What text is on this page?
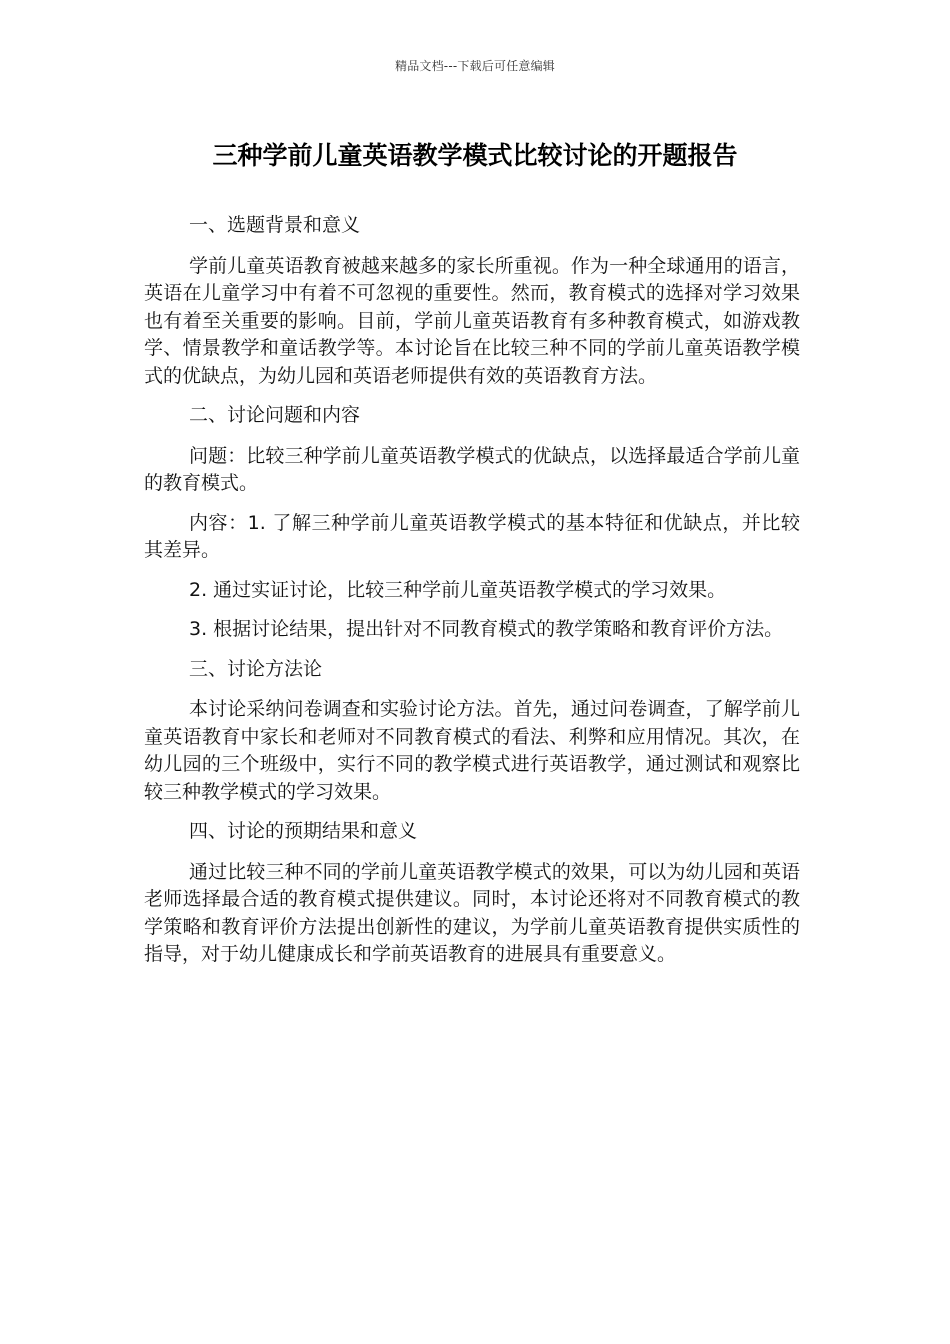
精品文档---下载后可任意编辑
三种学前儿童英语教学模式比较讨论的开题报告

一、选题背景和意义

学前儿童英语教育被越来越多的家长所重视。作为一种全球通用的语言，英语在儿童学习中有着不可忽视的重要性。然而，教育模式的选择对学习效果也有着至关重要的影响。目前，学前儿童英语教育有多种教育模式，如游戏教学、情景教学和童话教学等。本讨论旨在比较三种不同的学前儿童英语教学模式的优缺点，为幼儿园和英语老师提供有效的英语教育方法。

二、讨论问题和内容

问题：比较三种学前儿童英语教学模式的优缺点，以选择最适合学前儿童的教育模式。

内容：1. 了解三种学前儿童英语教学模式的基本特征和优缺点，并比较其差异。

2. 通过实证讨论，比较三种学前儿童英语教学模式的学习效果。

3. 根据讨论结果，提出针对不同教育模式的教学策略和教育评价方法。

三、讨论方法论

本讨论采纳问卷调查和实验讨论方法。首先，通过问卷调查，了解学前儿童英语教育中家长和老师对不同教育模式的看法、利弊和应用情况。其次，在幼儿园的三个班级中，实行不同的教学模式进行英语教学，通过测试和观察比较三种教学模式的学习效果。

四、讨论的预期结果和意义

通过比较三种不同的学前儿童英语教学模式的效果，可以为幼儿园和英语老师选择最合适的教育模式提供建议。同时，本讨论还将对不同教育模式的教学策略和教育评价方法提出创新性的建议，为学前儿童英语教育提供实质性的指导，对于幼儿健康成长和学前英语教育的进展具有重要意义。
